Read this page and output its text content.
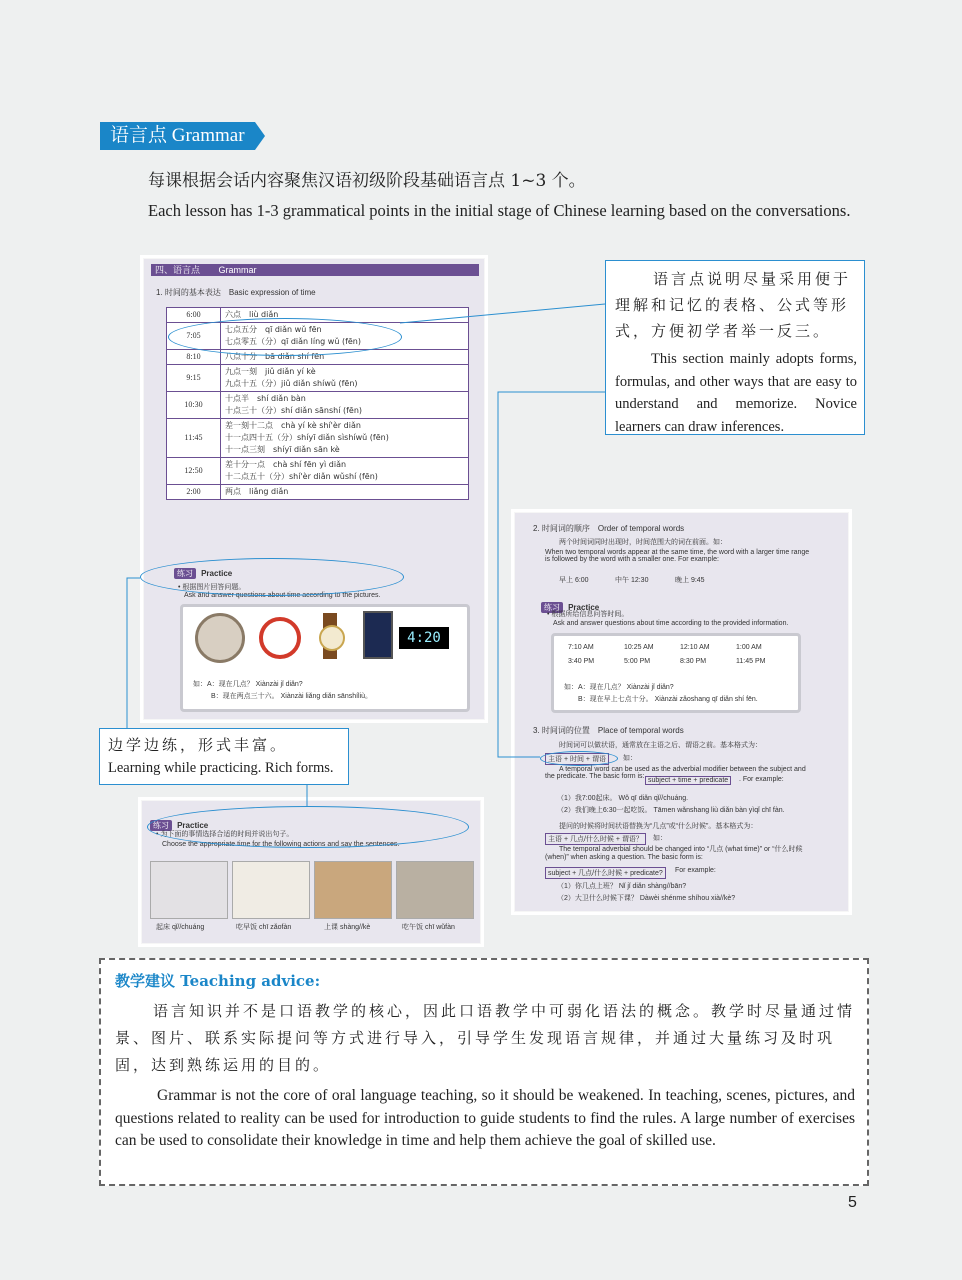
语言点 Grammar
每课根据会话内容聚焦汉语初级阶段基础语言点 1~3 个。
Each lesson has 1-3 grammatical points in the initial stage of Chinese learning based on the conversations.
四、语言点 Grammar
1. 时间的基本表达　Basic expression of time
6:00	六点　liù diǎn

7:05	七点五分　qī diǎn wǔ fēn
七点零五（分）qī diǎn líng wǔ (fēn)

8:10	八点十分　bā diǎn shí fēn

9:15	九点一刻　jiǔ diǎn yí kè
九点十五（分）jiǔ diǎn shíwǔ (fēn)

10:30	十点半　shí diǎn bàn
十点三十（分）shí diǎn sānshí (fēn)

11:45	差一刻十二点　chà yí kè shí'èr diǎn
十一点四十五（分）shíyī diǎn sìshíwǔ (fēn)
十一点三刻　shíyī diǎn sān kè

12:50	差十分一点　chà shí fēn yì diǎn
十二点五十（分）shí'èr diǎn wǔshí (fēn)

2:00	两点　liǎng diǎn
练习 Practice
• 根据图片回答问题。
Ask and answer questions about time according to the pictures.
4:20
如：A：现在几点？ Xiànzài jǐ diǎn?
B：现在两点三十六。 Xiànzài liǎng diǎn sānshíliù。
练习 Practice
• 为下面的事情选择合适的时间并说出句子。
Choose the appropriate time for the following actions and say the sentences.
起床 qǐ//chuáng	吃早饭 chī zǎofàn	上课 shàng//kè	吃午饭 chī wǔfàn
2. 时间词的顺序　Order of temporal words
两个时间词同时出现时，时间范围大的词在前面。如：
When two temporal words appear at the same time, the word with a larger time range is followed by the word with a smaller one. For example:
早上 6:00	中午 12:30	晚上 9:45
练习 Practice
• 根据所给信息问答时间。
Ask and answer questions about time according to the provided information.
7:10 AM	10:25 AM	12:10 AM	1:00 AM
3:40 PM	5:00 PM	8:30 PM	11:45 PM
如：A：现在几点？ Xiànzài jǐ diǎn?
B：现在早上七点十分。 Xiànzài zǎoshang qī diǎn shí fēn.
3. 时间词的位置　Place of temporal words
时间词可以做状语，通常放在主语之后、谓语之前。基本格式为：
主语 + 时间 + 谓语	如：
A temporal word can be used as the adverbial modifier between the subject and the predicate. The basic form is:
subject + time + predicate	. For example:
（1）我7:00起床。 Wǒ qī diǎn qǐ//chuáng.
（2）我们晚上6:30一起吃饭。 Tāmen wǎnshang liù diǎn bàn yìqǐ chī fàn.
提问的时候将时间状语替换为“几点”或“什么时候”。基本格式为：
主语 + 几点/什么时候 + 谓语？	如：
The temporal adverbial should be changed into “几点 (what time)” or “什么时候 (when)” when asking a question. The basic form is:
subject + 几点/什么时候 + predicate?	For example:
（1）你几点上班？ Nǐ jǐ diǎn shàng//bān?
（2）大卫什么时候下课？ Dàwèi shénme shíhou xià//kè?
语言点说明尽量采用便于理解和记忆的表格、公式等形式，方便初学者举一反三。
This section mainly adopts forms, formulas, and other ways that are easy to understand and memorize. Novice learners can draw inferences.
边学边练，形式丰富。
Learning while practicing. Rich forms.
教学建议 Teaching advice:
语言知识并不是口语教学的核心，因此口语教学中可弱化语法的概念。教学时尽量通过情景、图片、联系实际提问等方式进行导入，引导学生发现语言规律，并通过大量练习及时巩固，达到熟练运用的目的。
Grammar is not the core of oral language teaching, so it should be weakened. In teaching, scenes, pictures, and questions related to reality can be used for introduction to guide students to find the rules. A large number of exercises can be used to consolidate their knowledge in time and help them achieve the goal of skilled use.
5
